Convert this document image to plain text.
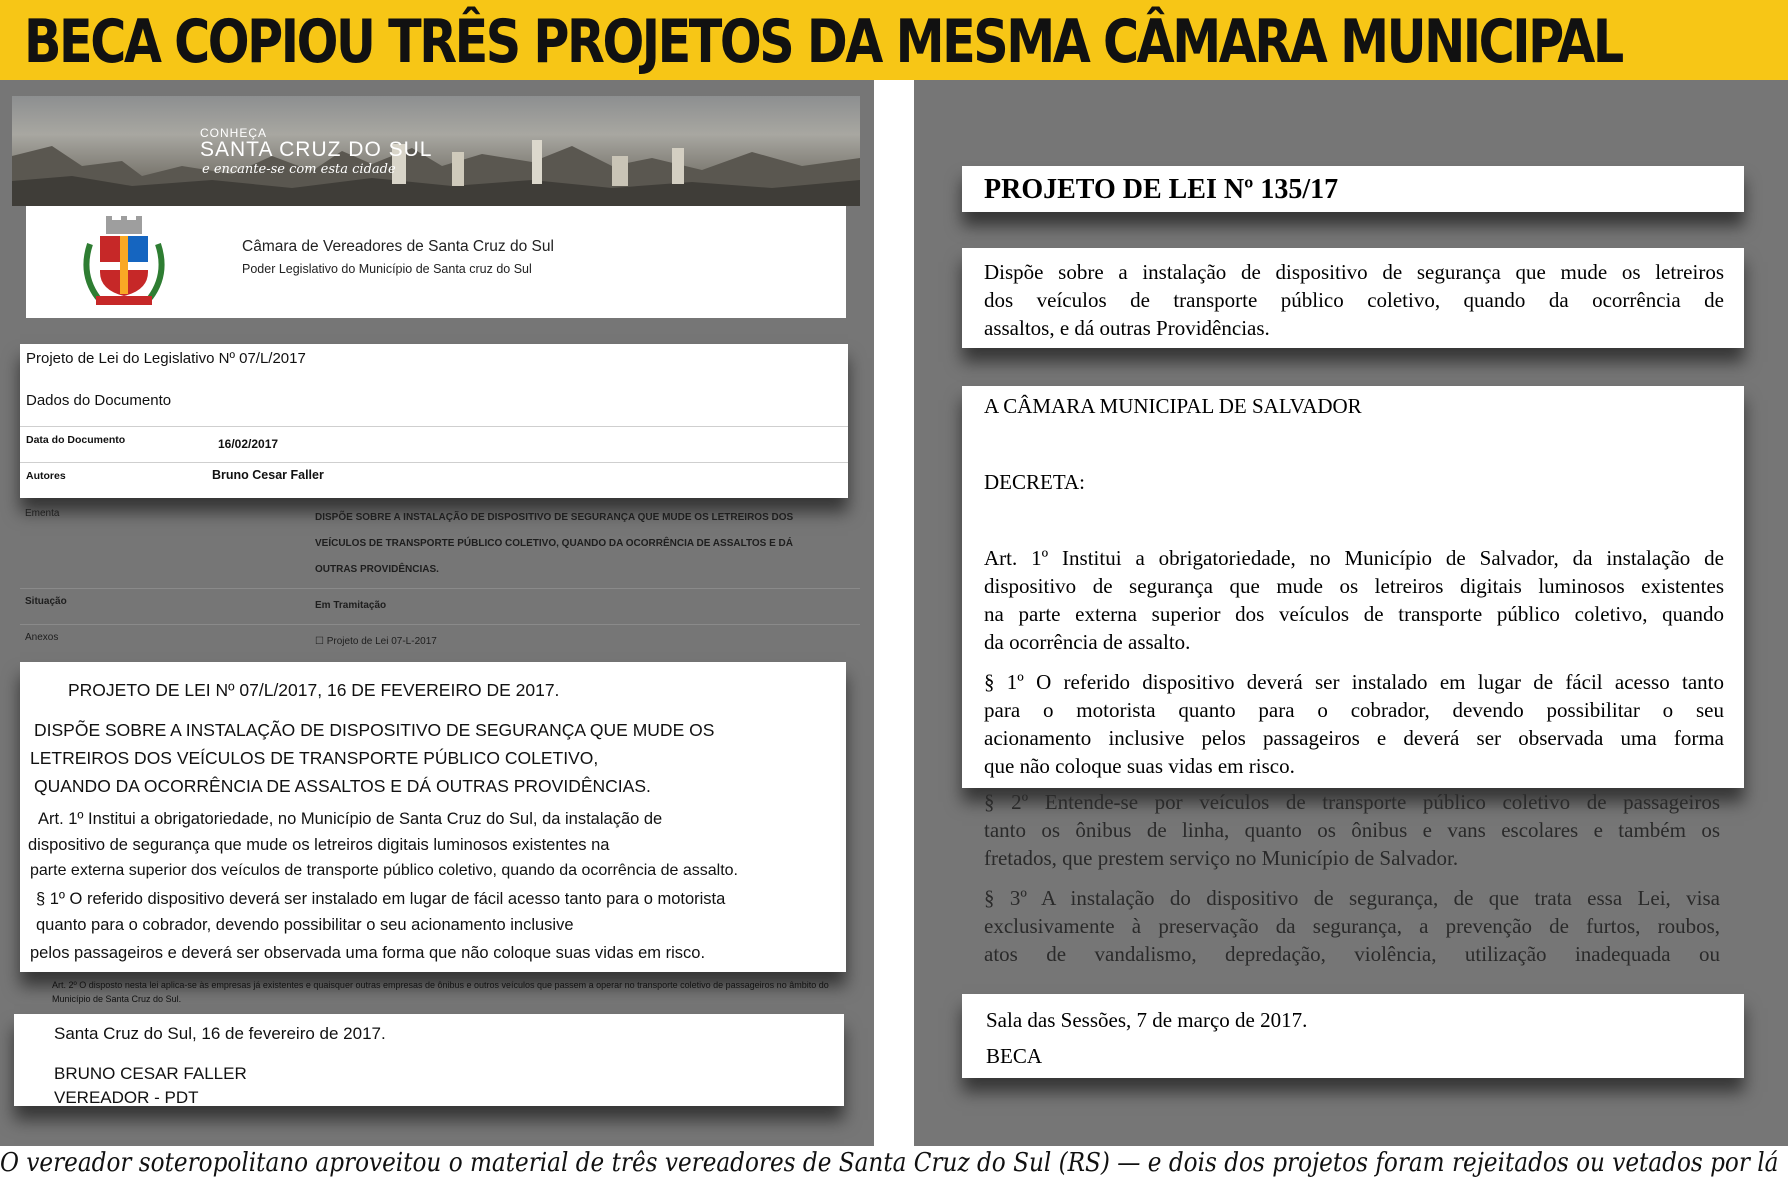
BECA COPIOU TRÊS PROJETOS DA MESMA CÂMARA MUNICIPAL
CONHEÇA
SANTA CRUZ DO SUL
e encante-se com esta cidade
Câmara de Vereadores de Santa Cruz do Sul
Poder Legislativo do Município de Santa cruz do Sul
Projeto de Lei do Legislativo Nº 07/L/2017
Dados do Documento
Data do Documento	16/02/2017
Autores	Bruno Cesar Faller
Ementa	DISPÕE SOBRE A INSTALAÇÃO DE DISPOSITIVO DE SEGURANÇA QUE MUDE OS LETREIROS DOS
VEÍCULOS DE TRANSPORTE PÚBLICO COLETIVO, QUANDO DA OCORRÊNCIA DE ASSALTOS E DÁ
OUTRAS PROVIDÊNCIAS.
Situação	Em Tramitação
Anexos	☐ Projeto de Lei 07-L-2017
PROJETO DE LEI Nº 07/L/2017, 16 DE FEVEREIRO DE 2017.
DISPÕE SOBRE A INSTALAÇÃO DE DISPOSITIVO DE SEGURANÇA QUE MUDE OS
LETREIROS DOS VEÍCULOS DE TRANSPORTE PÚBLICO COLETIVO,
QUANDO DA OCORRÊNCIA DE ASSALTOS E DÁ OUTRAS PROVIDÊNCIAS.
Art. 1º Institui a obrigatoriedade, no Município de Santa Cruz do Sul, da instalação de
dispositivo de segurança que mude os letreiros digitais luminosos existentes na
parte externa superior dos veículos de transporte público coletivo, quando da ocorrência de assalto.
§ 1º O referido dispositivo deverá ser instalado em lugar de fácil acesso tanto para o motorista
quanto para o cobrador, devendo possibilitar o seu acionamento inclusive
pelos passageiros e deverá ser observada uma forma que não coloque suas vidas em risco.
Art. 2º O disposto nesta lei aplica-se às empresas já existentes e quaisquer outras empresas de ônibus e outros veículos que passem a operar no transporte coletivo de passageiros no âmbito do Município de Santa Cruz do Sul.
Santa Cruz do Sul, 16 de fevereiro de 2017.
BRUNO CESAR FALLER
VEREADOR - PDT
PROJETO DE LEI Nº 135/17
Dispõe sobre a instalação de dispositivo de segurança que mude os letreiros
dos veículos de transporte público coletivo, quando da ocorrência de
assaltos, e dá outras Providências.
A CÂMARA MUNICIPAL DE SALVADOR
DECRETA:
Art. 1º Institui a obrigatoriedade, no Município de Salvador, da instalação de
dispositivo de segurança que mude os letreiros digitais luminosos existentes
na parte externa superior dos veículos de transporte público coletivo, quando
da ocorrência de assalto.
§ 1º O referido dispositivo deverá ser instalado em lugar de fácil acesso tanto
para o motorista quanto para o cobrador, devendo possibilitar o seu
acionamento inclusive pelos passageiros e deverá ser observada uma forma
que não coloque suas vidas em risco.
§ 2º Entende-se por veículos de transporte público coletivo de passageiros
tanto os ônibus de linha, quanto os ônibus e vans escolares e também os
fretados, que prestem serviço no Município de Salvador.
§ 3º A instalação do dispositivo de segurança, de que trata essa Lei, visa
exclusivamente à preservação da segurança, a prevenção de furtos, roubos,
atos de vandalismo, depredação, violência, utilização inadequada ou
Sala das Sessões, 7 de março de 2017.
BECA
O vereador soteropolitano aproveitou o material de três vereadores de Santa Cruz do Sul (RS) — e dois dos projetos foram rejeitados ou vetados por lá
